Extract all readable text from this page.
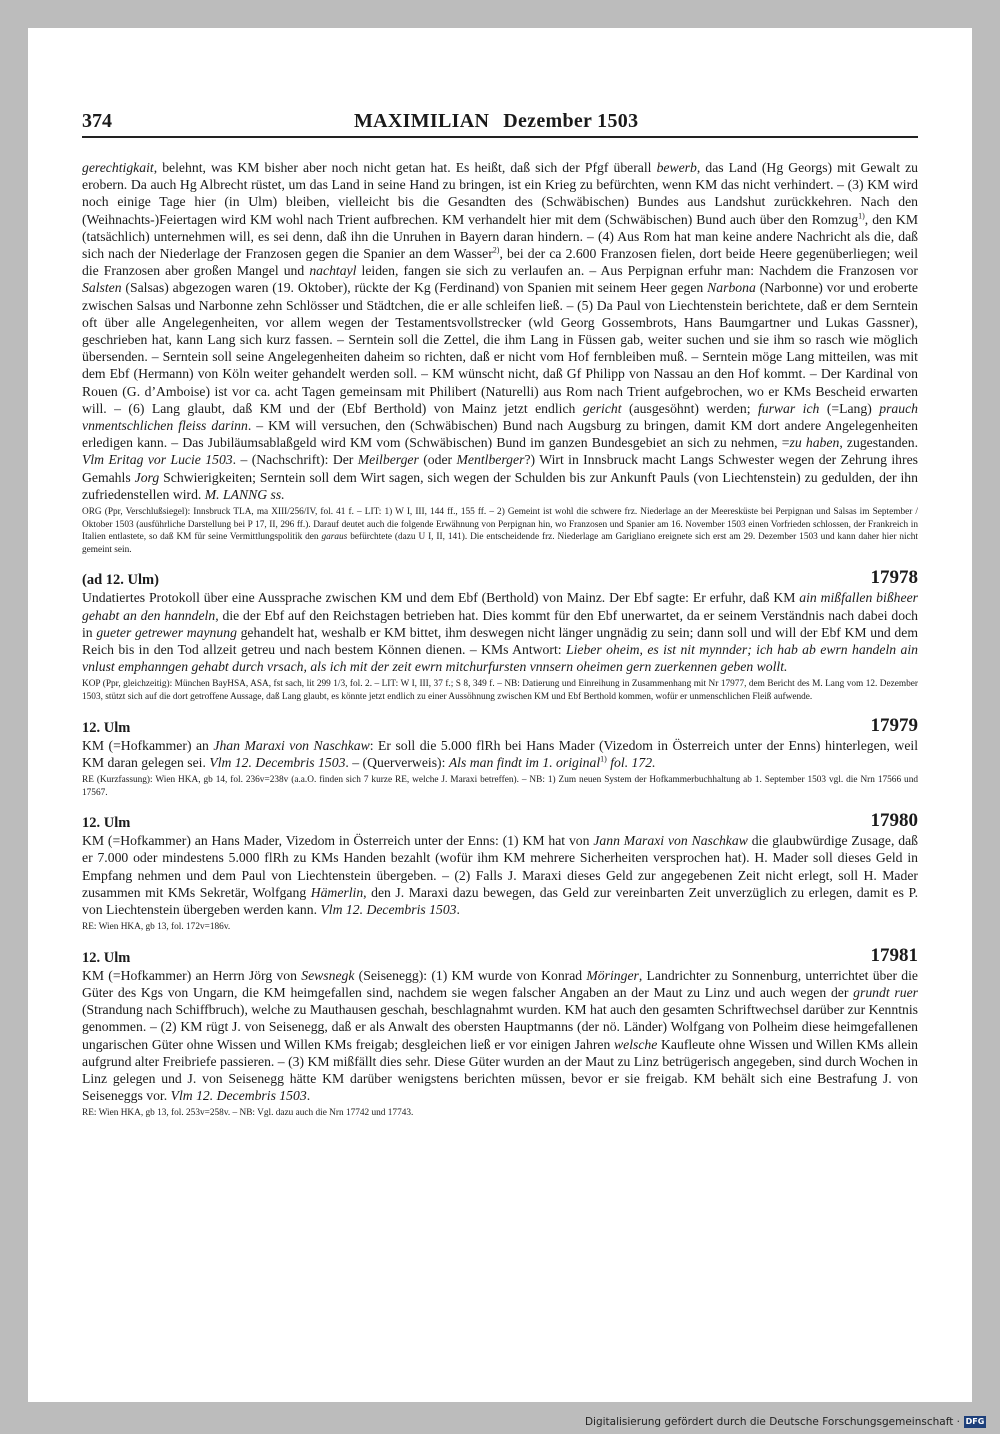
374	MAXIMILIAN Dezember 1503

gerechtigkait, belehnt, was KM bisher aber noch nicht getan hat. Es heißt, daß sich der Pfgf überall bewerb, das Land (Hg Georgs) mit Gewalt zu erobern. Da auch Hg Albrecht rüstet, um das Land in seine Hand zu bringen, ist ein Krieg zu befürchten, wenn KM das nicht verhindert. – (3) KM wird noch einige Tage hier (in Ulm) bleiben, vielleicht bis die Gesandten des (Schwäbischen) Bundes aus Landshut zurückkehren. Nach den (Weihnachts-)Feiertagen wird KM wohl nach Trient aufbrechen. KM verhandelt hier mit dem (Schwäbischen) Bund auch über den Romzug$^{1)}$, den KM (tatsächlich) unternehmen will, es sei denn, daß ihn die Unruhen in Bayern daran hindern. – (4) Aus Rom hat man keine andere Nachricht als die, daß sich nach der Niederlage der Franzosen gegen die Spanier an dem Wasser$^{2)}$, bei der ca 2.600 Franzosen fielen, dort beide Heere gegenüberliegen; weil die Franzosen aber großen Mangel und nachtayl leiden, fangen sie sich zu verlaufen an. – Aus Perpignan erfuhr man: Nachdem die Franzosen vor Salsten (Salsas) abgezogen waren (19. Oktober), rückte der Kg (Ferdinand) von Spanien mit seinem Heer gegen Narbona (Narbonne) vor und eroberte zwischen Salsas und Narbonne zehn Schlösser und Städtchen, die er alle schleifen ließ. – (5) Da Paul von Liechtenstein berichtete, daß er dem Serntein oft über alle Angelegenheiten, vor allem wegen der Testamentsvollstrecker (wld Georg Gossembrots, Hans Baumgartner und Lukas Gassner), geschrieben hat, kann Lang sich kurz fassen. – Serntein soll die Zettel, die ihm Lang in Füssen gab, weiter suchen und sie ihm so rasch wie möglich übersenden. – Serntein soll seine Angelegenheiten daheim so richten, daß er nicht vom Hof fernbleiben muß. – Serntein möge Lang mitteilen, was mit dem Ebf (Hermann) von Köln weiter gehandelt werden soll. – KM wünscht nicht, daß Gf Philipp von Nassau an den Hof kommt. – Der Kardinal von Rouen (G. d’Amboise) ist vor ca. acht Tagen gemeinsam mit Philibert (Naturelli) aus Rom nach Trient aufgebrochen, wo er KMs Bescheid erwarten will. – (6) Lang glaubt, daß KM und der (Ebf Berthold) von Mainz jetzt endlich gericht (ausgesöhnt) werden; furwar ich (=Lang) prauch vnmentschlichen fleiss darinn. – KM will versuchen, den (Schwäbischen) Bund nach Augsburg zu bringen, damit KM dort andere Angelegenheiten erledigen kann. – Das Jubiläumsablaßgeld wird KM vom (Schwäbischen) Bund im ganzen Bundesgebiet an sich zu nehmen, =zu haben, zugestanden. Vlm Eritag vor Lucie 1503. – (Nachschrift): Der Meilberger (oder Mentlberger?) Wirt in Innsbruck macht Langs Schwester wegen der Zehrung ihres Gemahls Jorg Schwierigkeiten; Serntein soll dem Wirt sagen, sich wegen der Schulden bis zur Ankunft Pauls (von Liechtenstein) zu gedulden, der ihn zufriedenstellen wird. M. LANNG ss.

ORG (Ppr, Verschlußsiegel): Innsbruck TLA, ma XIII/256/IV, fol. 41 f. – LIT: 1) W I, III, 144 ff., 155 ff. – 2) Gemeint ist wohl die schwere frz. Niederlage an der Meeresküste bei Perpignan und Salsas im September / Oktober 1503 (ausführliche Darstellung bei P 17, II, 296 ff.). Darauf deutet auch die folgende Erwähnung von Perpignan hin, wo Franzosen und Spanier am 16. November 1503 einen Vorfrieden schlossen, der Frankreich in Italien entlastete, so daß KM für seine Vermittlungspolitik den garaus befürchtete (dazu U I, II, 141). Die entscheidende frz. Niederlage am Garigliano ereignete sich erst am 29. Dezember 1503 und kann daher hier nicht gemeint sein.

(ad 12. Ulm)	17978

Undatiertes Protokoll über eine Aussprache zwischen KM und dem Ebf (Berthold) von Mainz. Der Ebf sagte: Er erfuhr, daß KM ain mißfallen bißheer gehabt an den hanndeln, die der Ebf auf den Reichstagen betrieben hat. Dies kommt für den Ebf unerwartet, da er seinem Verständnis nach dabei doch in gueter getrewer maynung gehandelt hat, weshalb er KM bittet, ihm deswegen nicht länger ungnädig zu sein; dann soll und will der Ebf KM und dem Reich bis in den Tod allzeit getreu und nach bestem Können dienen. – KMs Antwort: Lieber oheim, es ist nit mynnder; ich hab ab ewrn handeln ain vnlust emphanngen gehabt durch vrsach, als ich mit der zeit ewrn mitchurfursten vnnsern oheimen gern zuerkennen geben wollt.

KOP (Ppr, gleichzeitig): München BayHSA, ASA, fst sach, lit 299 1/3, fol. 2. – LIT: W I, III, 37 f.; S 8, 349 f. – NB: Datierung und Einreihung in Zusammenhang mit Nr 17977, dem Bericht des M. Lang vom 12. Dezember 1503, stützt sich auf die dort getroffene Aussage, daß Lang glaubt, es könnte jetzt endlich zu einer Aussöhnung zwischen KM und Ebf Berthold kommen, wofür er unmenschlichen Fleiß aufwende.

12. Ulm	17979

KM (=Hofkammer) an Jhan Maraxi von Naschkaw: Er soll die 5.000 flRh bei Hans Mader (Vizedom in Österreich unter der Enns) hinterlegen, weil KM daran gelegen sei. Vlm 12. Decembris 1503. – (Querverweis): Als man findt im 1. original$^{1)}$ fol. 172.

RE (Kurzfassung): Wien HKA, gb 14, fol. 236v=238v (a.a.O. finden sich 7 kurze RE, welche J. Maraxi betreffen). – NB: 1) Zum neuen System der Hofkammerbuchhaltung ab 1. September 1503 vgl. die Nrn 17566 und 17567.

12. Ulm	17980

KM (=Hofkammer) an Hans Mader, Vizedom in Österreich unter der Enns: (1) KM hat von Jann Maraxi von Naschkaw die glaubwürdige Zusage, daß er 7.000 oder mindestens 5.000 flRh zu KMs Handen bezahlt (wofür ihm KM mehrere Sicherheiten versprochen hat). H. Mader soll dieses Geld in Empfang nehmen und dem Paul von Liechtenstein übergeben. – (2) Falls J. Maraxi dieses Geld zur angegebenen Zeit nicht erlegt, soll H. Mader zusammen mit KMs Sekretär, Wolfgang Hämerlin, den J. Maraxi dazu bewegen, das Geld zur vereinbarten Zeit unverzüglich zu erlegen, damit es P. von Liechtenstein übergeben werden kann. Vlm 12. Decembris 1503.

RE: Wien HKA, gb 13, fol. 172v=186v.

12. Ulm	17981

KM (=Hofkammer) an Herrn Jörg von Sewsnegk (Seisenegg): (1) KM wurde von Konrad Möringer, Landrichter zu Sonnenburg, unterrichtet über die Güter des Kgs von Ungarn, die KM heimgefallen sind, nachdem sie wegen falscher Angaben an der Maut zu Linz und auch wegen der grundt ruer (Strandung nach Schiffbruch), welche zu Mauthausen geschah, beschlagnahmt wurden. KM hat auch den gesamten Schriftwechsel darüber zur Kenntnis genommen. – (2) KM rügt J. von Seisenegg, daß er als Anwalt des obersten Hauptmanns (der nö. Länder) Wolfgang von Polheim diese heimgefallenen ungarischen Güter ohne Wissen und Willen KMs freigab; desgleichen ließ er vor einigen Jahren welsche Kaufleute ohne Wissen und Willen KMs allein aufgrund alter Freibriefe passieren. – (3) KM mißfällt dies sehr. Diese Güter wurden an der Maut zu Linz betrügerisch angegeben, sind durch Wochen in Linz gelegen und J. von Seisenegg hätte KM darüber wenigstens berichten müssen, bevor er sie freigab. KM behält sich eine Bestrafung J. von Seiseneggs vor. Vlm 12. Decembris 1503.

RE: Wien HKA, gb 13, fol. 253v=258v. – NB: Vgl. dazu auch die Nrn 17742 und 17743.

Digitalisierung gefördert durch die Deutsche Forschungsgemeinschaft · DFG
